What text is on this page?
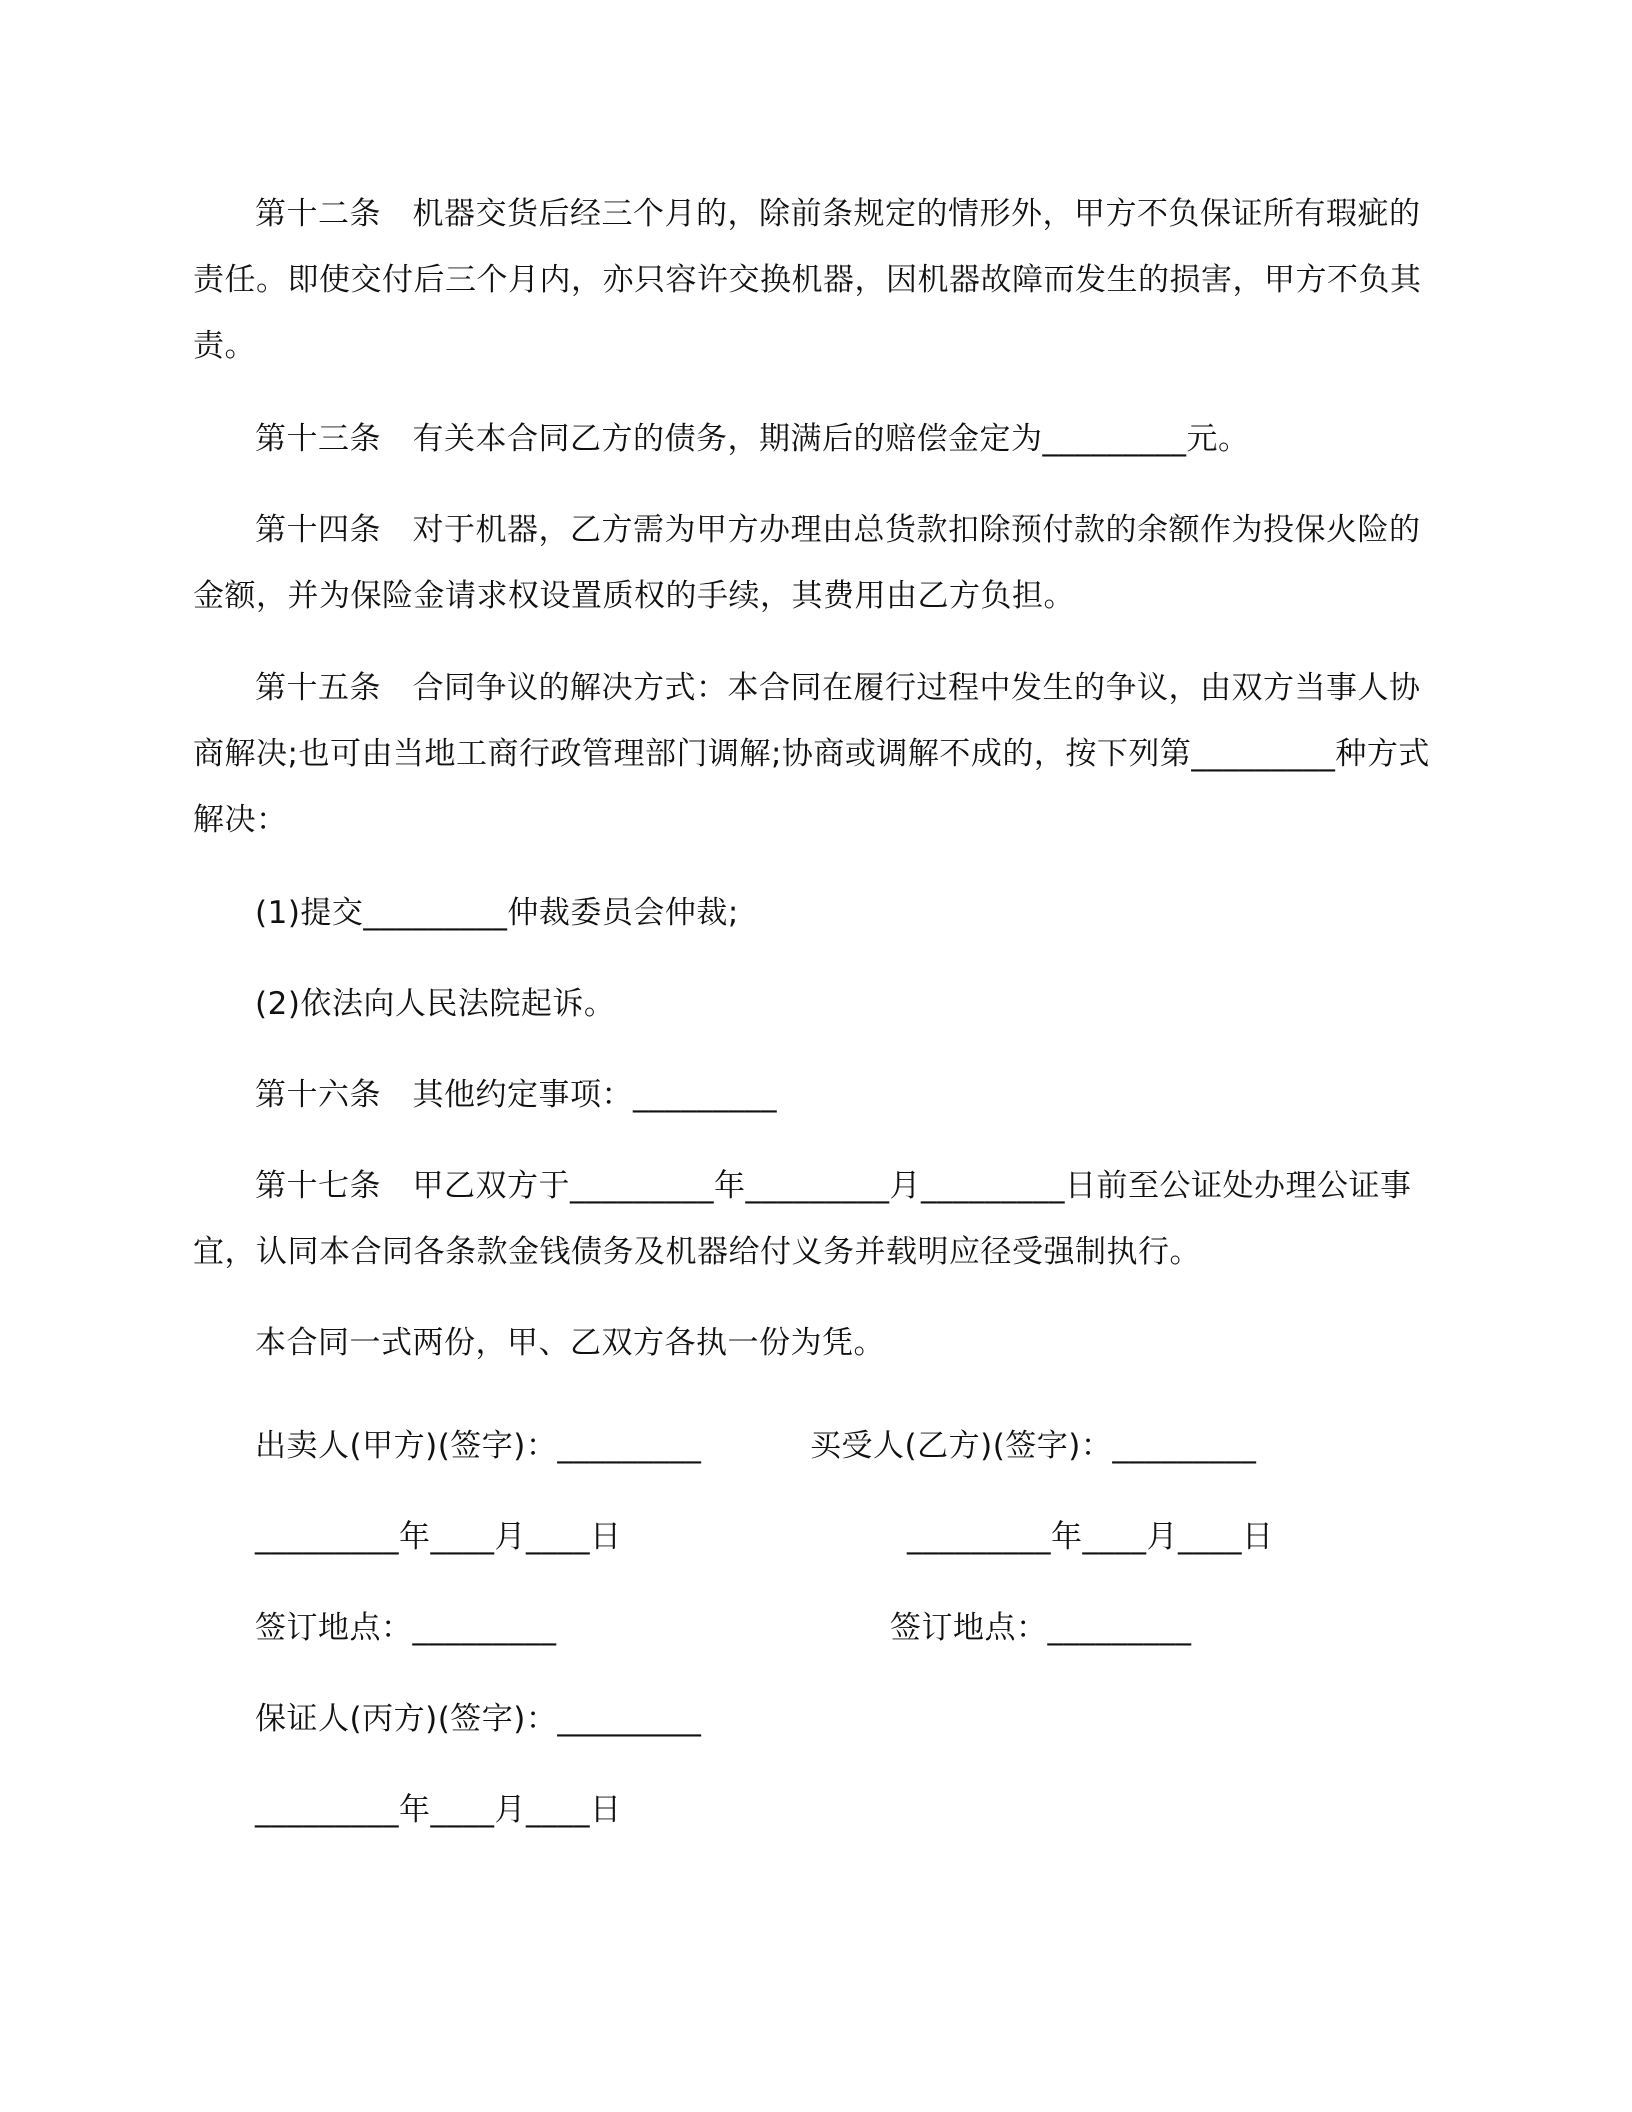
第十二条　机器交货后经三个月的，除前条规定的情形外，甲方不负保证所有瑕疵的责任。即使交付后三个月内，亦只容许交换机器，因机器故障而发生的损害，甲方不负其责。
第十三条　有关本合同乙方的债务，期满后的赔偿金定为_________元。
第十四条　对于机器，乙方需为甲方办理由总货款扣除预付款的余额作为投保火险的金额，并为保险金请求权设置质权的手续，其费用由乙方负担。
第十五条　合同争议的解决方式：本合同在履行过程中发生的争议，由双方当事人协商解决;也可由当地工商行政管理部门调解;协商或调解不成的，按下列第_________种方式解决：
(1)提交_________仲裁委员会仲裁;
(2)依法向人民法院起诉。
第十六条　其他约定事项：_________
第十七条　甲乙双方于_________年_________月_________日前至公证处办理公证事宜，认同本合同各条款金钱债务及机器给付义务并载明应径受强制执行。
本合同一式两份，甲、乙双方各执一份为凭。
出卖人(甲方)(签字)：_________	买受人(乙方)(签字)：_________
_________年____月____日	_________年____月____日
签订地点：_________	签订地点：_________
保证人(丙方)(签字)：_________
_________年____月____日
